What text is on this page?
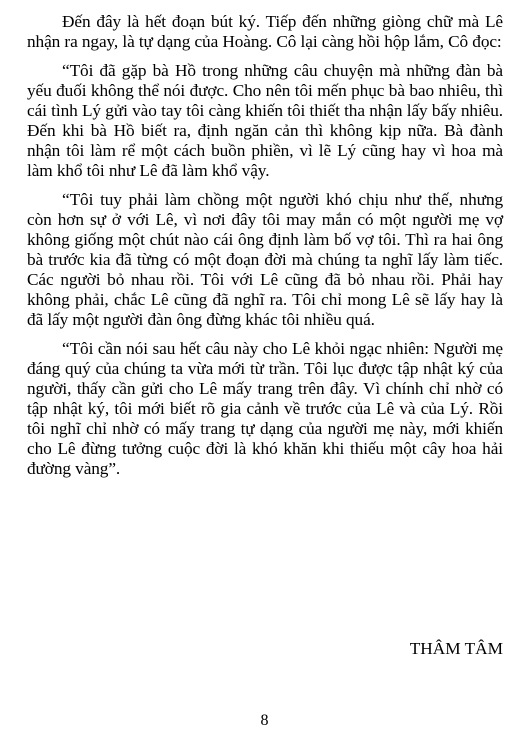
Đến đây là hết đoạn bút ký. Tiếp đến những giòng chữ mà Lê nhận ra ngay, là tự dạng của Hoàng. Cô lại càng hồi hộp lắm, Cô đọc:

“Tôi đã gặp bà Hồ trong những câu chuyện mà những đàn bà yếu đuối không thể nói được. Cho nên tôi mến phục bà bao nhiêu, thì cái tình Lý gửi vào tay tôi càng khiến tôi thiết tha nhận lấy bấy nhiêu. Đến khi bà Hồ biết ra, định ngăn cản thì không kịp nữa. Bà đành nhận tôi làm rể một cách buồn phiền, vì lẽ Lý cũng hay vì hoa mà làm khổ tôi như Lê đã làm khổ vậy.

“Tôi tuy phải làm chồng một người khó chịu như thế, nhưng còn hơn sự ở với Lê, vì nơi đây tôi may mắn có một người mẹ vợ không giống một chút nào cái ông định làm bố vợ tôi. Thì ra hai ông bà trước kia đã từng có một đoạn đời mà chúng ta nghĩ lấy làm tiếc. Các người bỏ nhau rồi. Tôi với Lê cũng đã bỏ nhau rồi. Phải hay không phải, chắc Lê cũng đã nghĩ ra. Tôi chỉ mong Lê sẽ lấy hay là đã lấy một người đàn ông đừng khác tôi nhiều quá.

“Tôi cần nói sau hết câu này cho Lê khỏi ngạc nhiên: Người mẹ đáng quý của chúng ta vừa mới từ trần. Tôi lục được tập nhật ký của người, thấy cần gửi cho Lê mấy trang trên đây. Vì chính chỉ nhờ có tập nhật ký, tôi mới biết rõ gia cảnh về trước của Lê và của Lý. Rồi tôi nghĩ chỉ nhờ có mấy trang tự dạng của người mẹ này, mới khiến cho Lê đừng tưởng cuộc đời là khó khăn khi thiếu một cây hoa hải đường vàng”.

THÂM TÂM
8
